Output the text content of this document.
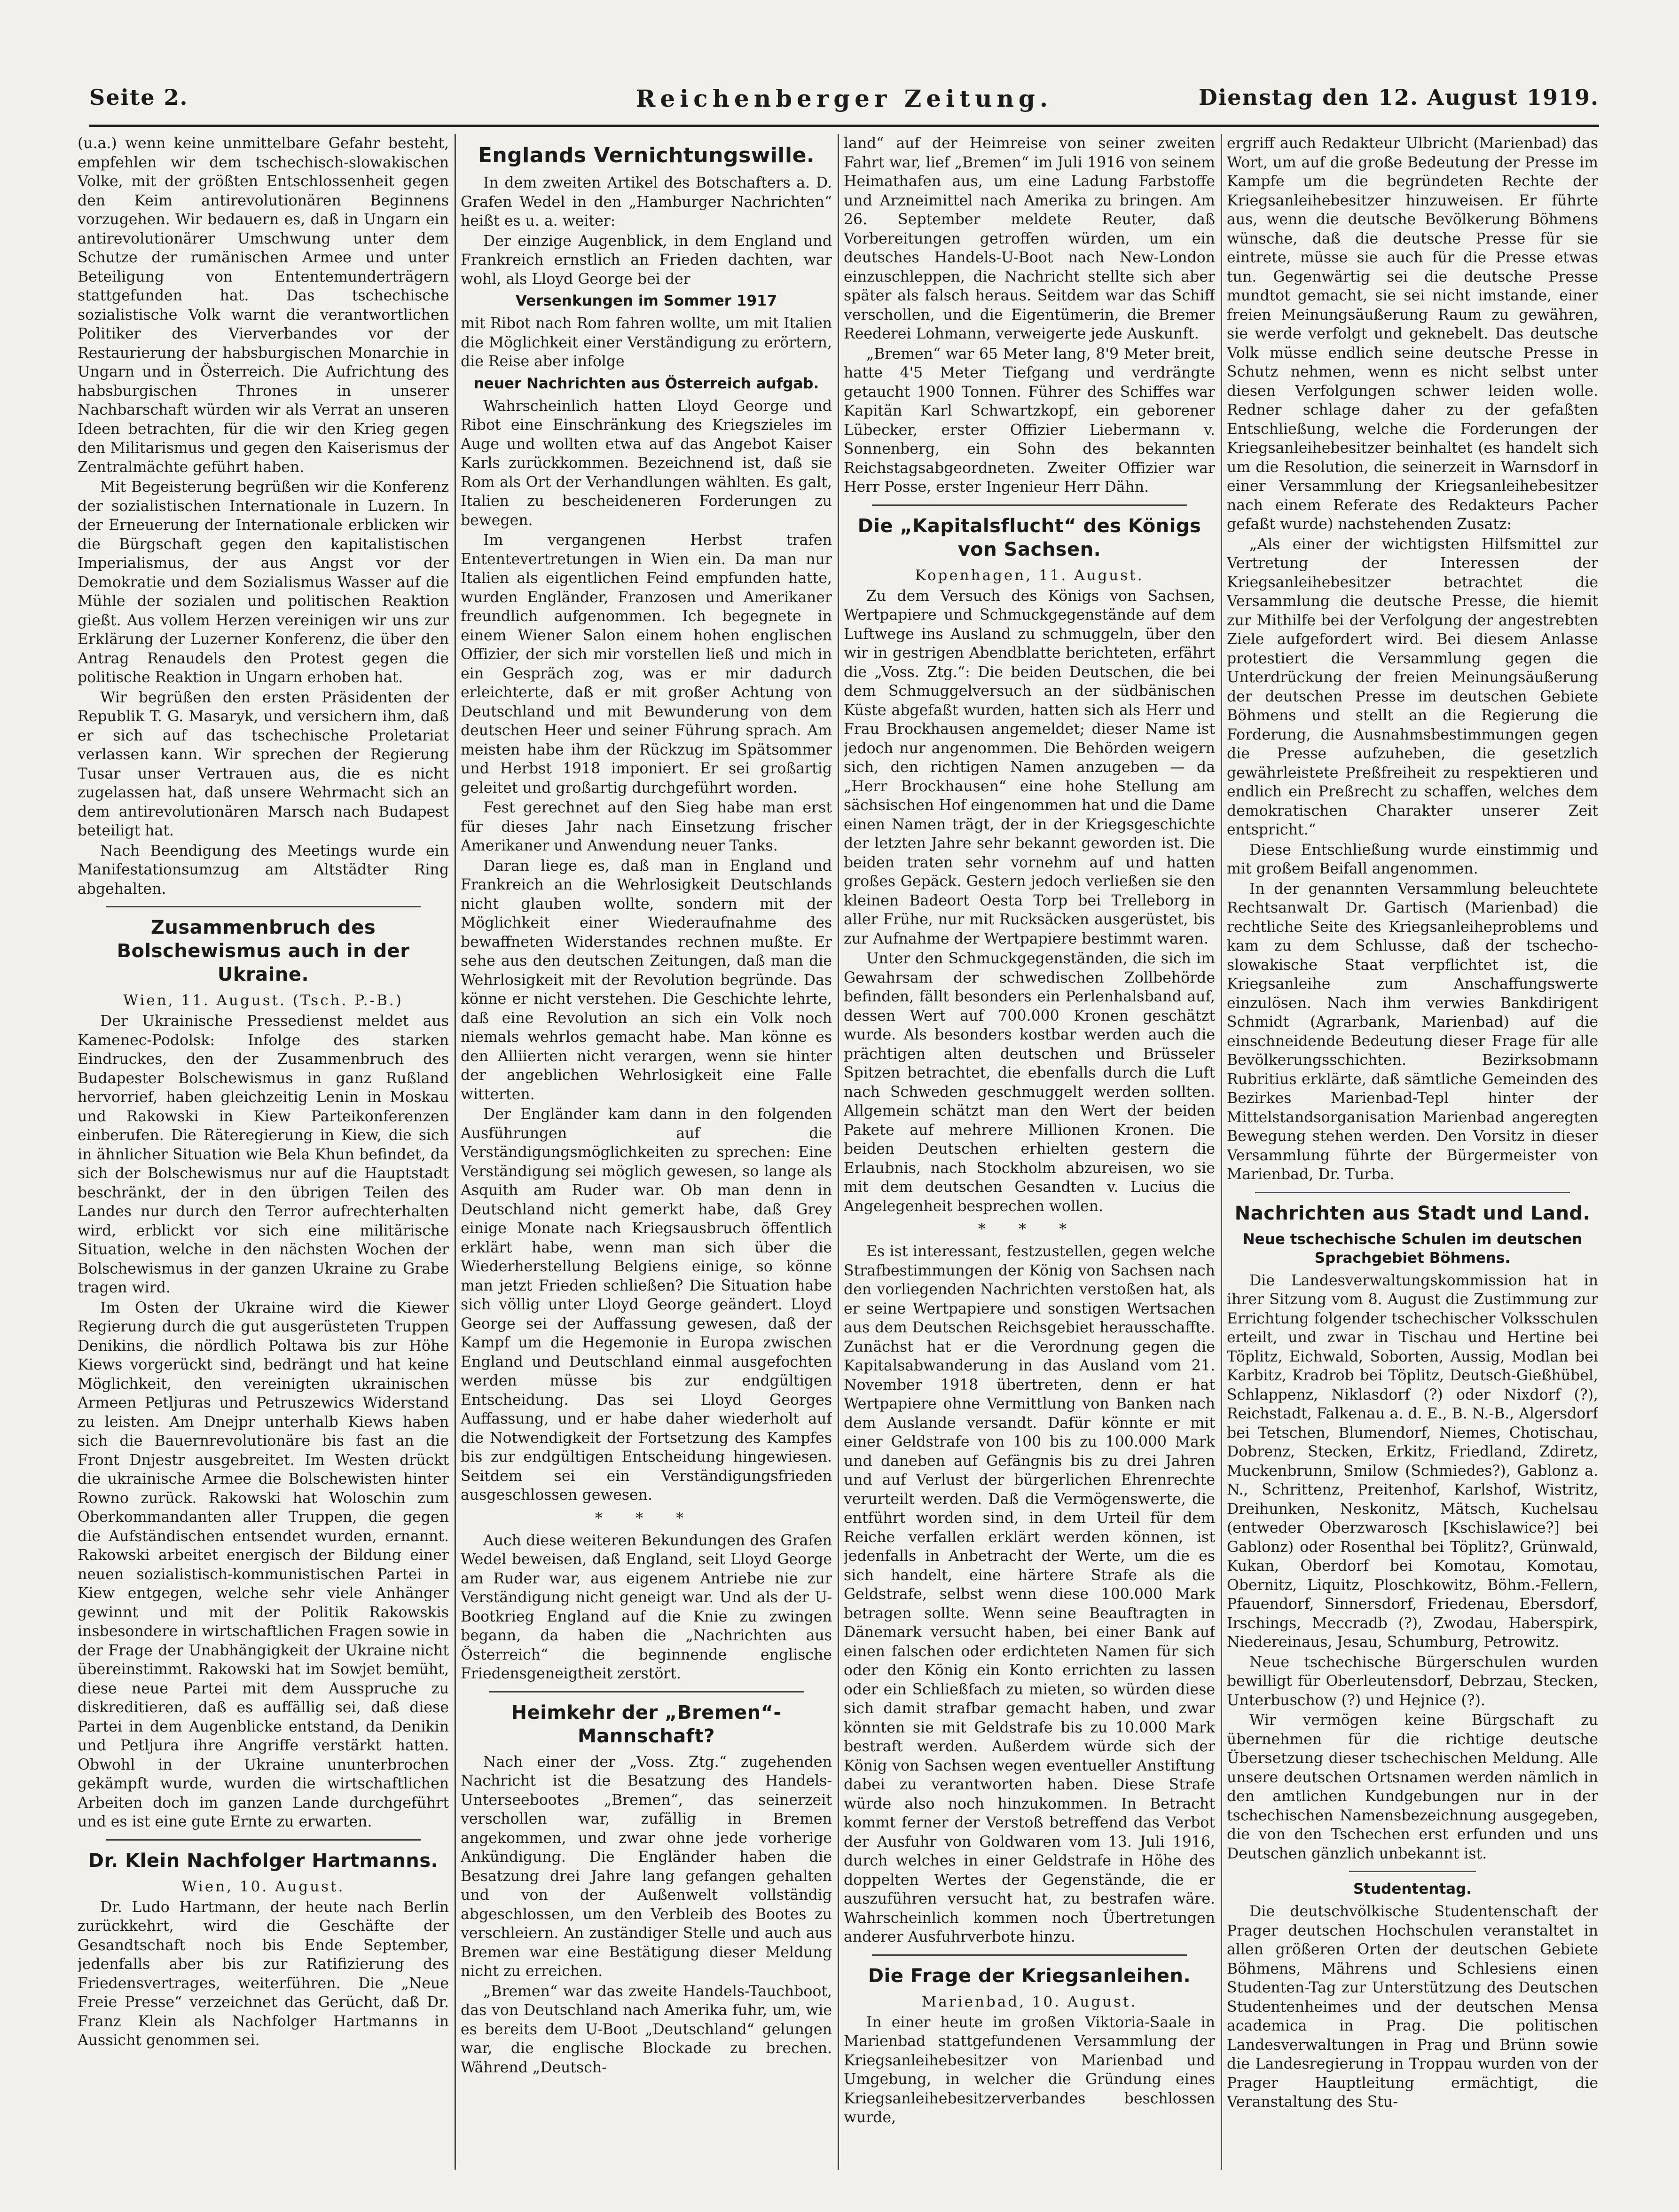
Seite 2.	Reichenberger Zeitung.	Dienstag den 12. August 1919.

(u.a.) wenn keine unmittelbare Gefahr besteht, empfehlen wir dem tschechisch-slowakischen Volke, mit der größten Entschlossenheit gegen den Keim antirevolutionären Beginnens vorzugehen. Wir bedauern es, daß in Ungarn ein antirevolutionärer Umschwung unter dem Schutze der rumänischen Armee und unter Beteiligung von Ententemunderträgern stattgefunden hat. Das tschechische sozialistische Volk warnt die verantwortlichen Politiker des Vierverbandes vor der Restaurierung der habsburgischen Monarchie in Ungarn und in Österreich. Die Aufrichtung des habsburgischen Thrones in unserer Nachbarschaft würden wir als Verrat an unseren Ideen betrachten, für die wir den Krieg gegen den Militarismus und gegen den Kaiserismus der Zentralmächte geführt haben.

Mit Begeisterung begrüßen wir die Konferenz der sozialistischen Internationale in Luzern. In der Erneuerung der Internationale erblicken wir die Bürgschaft gegen den kapitalistischen Imperialismus, der aus Angst vor der Demokratie und dem Sozialismus Wasser auf die Mühle der sozialen und politischen Reaktion gießt. Aus vollem Herzen vereinigen wir uns zur Erklärung der Luzerner Konferenz, die über den Antrag Renaudels den Protest gegen die politische Reaktion in Ungarn erhoben hat.

Wir begrüßen den ersten Präsidenten der Republik T. G. Masaryk, und versichern ihm, daß er sich auf das tschechische Proletariat verlassen kann. Wir sprechen der Regierung Tusar unser Vertrauen aus, die es nicht zugelassen hat, daß unsere Wehrmacht sich an dem antirevolutionären Marsch nach Budapest beteiligt hat.

Nach Beendigung des Meetings wurde ein Manifestationsumzug am Altstädter Ring abgehalten.

Zusammenbruch des Bolschewismus auch in der Ukraine.
Wien, 11. August. (Tsch. P.-B.)

Der Ukrainische Pressedienst meldet aus Kamenec-Podolsk: Infolge des starken Eindruckes, den der Zusammenbruch des Budapester Bolschewismus in ganz Rußland hervorrief, haben gleichzeitig Lenin in Moskau und Rakowski in Kiew Parteikonferenzen einberufen. Die Räteregierung in Kiew, die sich in ähnlicher Situation wie Bela Khun befindet, da sich der Bolschewismus nur auf die Hauptstadt beschränkt, der in den übrigen Teilen des Landes nur durch den Terror aufrechterhalten wird, erblickt vor sich eine militärische Situation, welche in den nächsten Wochen der Bolschewismus in der ganzen Ukraine zu Grabe tragen wird.

Im Osten der Ukraine wird die Kiewer Regierung durch die gut ausgerüsteten Truppen Denikins, die nördlich Poltawa bis zur Höhe Kiews vorgerückt sind, bedrängt und hat keine Möglichkeit, den vereinigten ukrainischen Armeen Petljuras und Petruszewics Widerstand zu leisten. Am Dnejpr unterhalb Kiews haben sich die Bauernrevolutionäre bis fast an die Front Dnjestr ausgebreitet. Im Westen drückt die ukrainische Armee die Bolschewisten hinter Rowno zurück. Rakowski hat Woloschin zum Oberkommandanten aller Truppen, die gegen die Aufständischen entsendet wurden, ernannt. Rakowski arbeitet energisch der Bildung einer neuen sozialistisch-kommunistischen Partei in Kiew entgegen, welche sehr viele Anhänger gewinnt und mit der Politik Rakowskis insbesondere in wirtschaftlichen Fragen sowie in der Frage der Unabhängigkeit der Ukraine nicht übereinstimmt. Rakowski hat im Sowjet bemüht, diese neue Partei mit dem Ausspruche zu diskreditieren, daß es auffällig sei, daß diese Partei in dem Augenblicke entstand, da Denikin und Petljura ihre Angriffe verstärkt hatten. Obwohl in der Ukraine ununterbrochen gekämpft wurde, wurden die wirtschaftlichen Arbeiten doch im ganzen Lande durchgeführt und es ist eine gute Ernte zu erwarten.

Dr. Klein Nachfolger Hartmanns.
Wien, 10. August.

Dr. Ludo Hartmann, der heute nach Berlin zurückkehrt, wird die Geschäfte der Gesandtschaft noch bis Ende September, jedenfalls aber bis zur Ratifizierung des Friedensvertrages, weiterführen. Die „Neue Freie Presse“ verzeichnet das Gerücht, daß Dr. Franz Klein als Nachfolger Hartmanns in Aussicht genommen sei.

Englands Vernichtungswille.

In dem zweiten Artikel des Botschafters a. D. Grafen Wedel in den „Hamburger Nachrichten“ heißt es u. a. weiter:

Der einzige Augenblick, in dem England und Frankreich ernstlich an Frieden dachten, war wohl, als Lloyd George bei der

Versenkungen im Sommer 1917

mit Ribot nach Rom fahren wollte, um mit Italien die Möglichkeit einer Verständigung zu erörtern, die Reise aber infolge

neuer Nachrichten aus Österreich aufgab.

Wahrscheinlich hatten Lloyd George und Ribot eine Einschränkung des Kriegszieles im Auge und wollten etwa auf das Angebot Kaiser Karls zurückkommen. Bezeichnend ist, daß sie Rom als Ort der Verhandlungen wählten. Es galt, Italien zu bescheideneren Forderungen zu bewegen.

Im vergangenen Herbst trafen Ententevertretungen in Wien ein. Da man nur Italien als eigentlichen Feind empfunden hatte, wurden Engländer, Franzosen und Amerikaner freundlich aufgenommen. Ich begegnete in einem Wiener Salon einem hohen englischen Offizier, der sich mir vorstellen ließ und mich in ein Gespräch zog, was er mir dadurch erleichterte, daß er mit großer Achtung von Deutschland und mit Bewunderung von dem deutschen Heer und seiner Führung sprach. Am meisten habe ihm der Rückzug im Spätsommer und Herbst 1918 imponiert. Er sei großartig geleitet und großartig durchgeführt worden.

Fest gerechnet auf den Sieg habe man erst für dieses Jahr nach Einsetzung frischer Amerikaner und Anwendung neuer Tanks.

Daran liege es, daß man in England und Frankreich an die Wehrlosigkeit Deutschlands nicht glauben wollte, sondern mit der Möglichkeit einer Wiederaufnahme des bewaffneten Widerstandes rechnen mußte. Er sehe aus den deutschen Zeitungen, daß man die Wehrlosigkeit mit der Revolution begründe. Das könne er nicht verstehen. Die Geschichte lehrte, daß eine Revolution an sich ein Volk noch niemals wehrlos gemacht habe. Man könne es den Alliierten nicht verargen, wenn sie hinter der angeblichen Wehrlosigkeit eine Falle witterten.

Der Engländer kam dann in den folgenden Ausführungen auf die Verständigungsmöglichkeiten zu sprechen: Eine Verständigung sei möglich gewesen, so lange als Asquith am Ruder war. Ob man denn in Deutschland nicht gemerkt habe, daß Grey einige Monate nach Kriegsausbruch öffentlich erklärt habe, wenn man sich über die Wiederherstellung Belgiens einige, so könne man jetzt Frieden schließen? Die Situation habe sich völlig unter Lloyd George geändert. Lloyd George sei der Auffassung gewesen, daß der Kampf um die Hegemonie in Europa zwischen England und Deutschland einmal ausgefochten werden müsse bis zur endgültigen Entscheidung. Das sei Lloyd Georges Auffassung, und er habe daher wiederholt auf die Notwendigkeit der Fortsetzung des Kampfes bis zur endgültigen Entscheidung hingewiesen. Seitdem sei ein Verständigungsfrieden ausgeschlossen gewesen.

* * *

Auch diese weiteren Bekundungen des Grafen Wedel beweisen, daß England, seit Lloyd George am Ruder war, aus eigenem Antriebe nie zur Verständigung nicht geneigt war. Und als der U-Bootkrieg England auf die Knie zu zwingen begann, da haben die „Nachrichten aus Österreich“ die beginnende englische Friedensgeneigtheit zerstört.

Heimkehr der „Bremen“-Mannschaft?

Nach einer der „Voss. Ztg.“ zugehenden Nachricht ist die Besatzung des Handels-Unterseebootes „Bremen“, das seinerzeit verschollen war, zufällig in Bremen angekommen, und zwar ohne jede vorherige Ankündigung. Die Engländer haben die Besatzung drei Jahre lang gefangen gehalten und von der Außenwelt vollständig abgeschlossen, um den Verbleib des Bootes zu verschleiern. An zuständiger Stelle und auch aus Bremen war eine Bestätigung dieser Meldung nicht zu erreichen.

„Bremen“ war das zweite Handels-Tauchboot, das von Deutschland nach Amerika fuhr, um, wie es bereits dem U-Boot „Deutschland“ gelungen war, die englische Blockade zu brechen. Während „Deutsch-

land“ auf der Heimreise von seiner zweiten Fahrt war, lief „Bremen“ im Juli 1916 von seinem Heimathafen aus, um eine Ladung Farbstoffe und Arzneimittel nach Amerika zu bringen. Am 26. September meldete Reuter, daß Vorbereitungen getroffen würden, um ein deutsches Handels-U-Boot nach New-London einzuschleppen, die Nachricht stellte sich aber später als falsch heraus. Seitdem war das Schiff verschollen, und die Eigentümerin, die Bremer Reederei Lohmann, verweigerte jede Auskunft.

„Bremen“ war 65 Meter lang, 8'9 Meter breit, hatte 4'5 Meter Tiefgang und verdrängte getaucht 1900 Tonnen. Führer des Schiffes war Kapitän Karl Schwartzkopf, ein geborener Lübecker, erster Offizier Liebermann v. Sonnenberg, ein Sohn des bekannten Reichstagsabgeordneten. Zweiter Offizier war Herr Posse, erster Ingenieur Herr Dähn.

Die „Kapitalsflucht“ des Königs von Sachsen.
Kopenhagen, 11. August.

Zu dem Versuch des Königs von Sachsen, Wertpapiere und Schmuckgegenstände auf dem Luftwege ins Ausland zu schmuggeln, über den wir in gestrigen Abendblatte berichteten, erfährt die „Voss. Ztg.“: Die beiden Deutschen, die bei dem Schmuggelversuch an der südbänischen Küste abgefaßt wurden, hatten sich als Herr und Frau Brockhausen angemeldet; dieser Name ist jedoch nur angenommen. Die Behörden weigern sich, den richtigen Namen anzugeben — da „Herr Brockhausen“ eine hohe Stellung am sächsischen Hof eingenommen hat und die Dame einen Namen trägt, der in der Kriegsgeschichte der letzten Jahre sehr bekannt geworden ist. Die beiden traten sehr vornehm auf und hatten großes Gepäck. Gestern jedoch verließen sie den kleinen Badeort Oesta Torp bei Trelleborg in aller Frühe, nur mit Rucksäcken ausgerüstet, bis zur Aufnahme der Wertpapiere bestimmt waren.

Unter den Schmuckgegenständen, die sich im Gewahrsam der schwedischen Zollbehörde befinden, fällt besonders ein Perlenhalsband auf, dessen Wert auf 700.000 Kronen geschätzt wurde. Als besonders kostbar werden auch die prächtigen alten deutschen und Brüsseler Spitzen betrachtet, die ebenfalls durch die Luft nach Schweden geschmuggelt werden sollten. Allgemein schätzt man den Wert der beiden Pakete auf mehrere Millionen Kronen. Die beiden Deutschen erhielten gestern die Erlaubnis, nach Stockholm abzureisen, wo sie mit dem deutschen Gesandten v. Lucius die Angelegenheit besprechen wollen.

* * *

Es ist interessant, festzustellen, gegen welche Strafbestimmungen der König von Sachsen nach den vorliegenden Nachrichten verstoßen hat, als er seine Wertpapiere und sonstigen Wertsachen aus dem Deutschen Reichsgebiet herausschaffte. Zunächst hat er die Verordnung gegen die Kapitalsabwanderung in das Ausland vom 21. November 1918 übertreten, denn er hat Wertpapiere ohne Vermittlung von Banken nach dem Auslande versandt. Dafür könnte er mit einer Geldstrafe von 100 bis zu 100.000 Mark und daneben auf Gefängnis bis zu drei Jahren und auf Verlust der bürgerlichen Ehrenrechte verurteilt werden. Daß die Vermögenswerte, die entführt worden sind, in dem Urteil für dem Reiche verfallen erklärt werden können, ist jedenfalls in Anbetracht der Werte, um die es sich handelt, eine härtere Strafe als die Geldstrafe, selbst wenn diese 100.000 Mark betragen sollte. Wenn seine Beauftragten in Dänemark versucht haben, bei einer Bank auf einen falschen oder erdichteten Namen für sich oder den König ein Konto errichten zu lassen oder ein Schließfach zu mieten, so würden diese sich damit strafbar gemacht haben, und zwar könnten sie mit Geldstrafe bis zu 10.000 Mark bestraft werden. Außerdem würde sich der König von Sachsen wegen eventueller Anstiftung dabei zu verantworten haben. Diese Strafe würde also noch hinzukommen. In Betracht kommt ferner der Verstoß betreffend das Verbot der Ausfuhr von Goldwaren vom 13. Juli 1916, durch welches in einer Geldstrafe in Höhe des doppelten Wertes der Gegenstände, die er auszuführen versucht hat, zu bestrafen wäre. Wahrscheinlich kommen noch Übertretungen anderer Ausfuhrverbote hinzu.

Die Frage der Kriegsanleihen.
Marienbad, 10. August.

In einer heute im großen Viktoria-Saale in Marienbad stattgefundenen Versammlung der Kriegsanleihebesitzer von Marienbad und Umgebung, in welcher die Gründung eines Kriegsanleihebesitzerverbandes beschlossen wurde,

ergriff auch Redakteur Ulbricht (Marienbad) das Wort, um auf die große Bedeutung der Presse im Kampfe um die begründeten Rechte der Kriegsanleihebesitzer hinzuweisen. Er führte aus, wenn die deutsche Bevölkerung Böhmens wünsche, daß die deutsche Presse für sie eintrete, müsse sie auch für die Presse etwas tun. Gegenwärtig sei die deutsche Presse mundtot gemacht, sie sei nicht imstande, einer freien Meinungsäußerung Raum zu gewähren, sie werde verfolgt und geknebelt. Das deutsche Volk müsse endlich seine deutsche Presse in Schutz nehmen, wenn es nicht selbst unter diesen Verfolgungen schwer leiden wolle. Redner schlage daher zu der gefaßten Entschließung, welche die Forderungen der Kriegsanleihebesitzer beinhaltet (es handelt sich um die Resolution, die seinerzeit in Warnsdorf in einer Versammlung der Kriegsanleihebesitzer nach einem Referate des Redakteurs Pacher gefaßt wurde) nachstehenden Zusatz:

„Als einer der wichtigsten Hilfsmittel zur Vertretung der Interessen der Kriegsanleihebesitzer betrachtet die Versammlung die deutsche Presse, die hiemit zur Mithilfe bei der Verfolgung der angestrebten Ziele aufgefordert wird. Bei diesem Anlasse protestiert die Versammlung gegen die Unterdrückung der freien Meinungsäußerung der deutschen Presse im deutschen Gebiete Böhmens und stellt an die Regierung die Forderung, die Ausnahmsbestimmungen gegen die Presse aufzuheben, die gesetzlich gewährleistete Preßfreiheit zu respektieren und endlich ein Preßrecht zu schaffen, welches dem demokratischen Charakter unserer Zeit entspricht.“

Diese Entschließung wurde einstimmig und mit großem Beifall angenommen.

In der genannten Versammlung beleuchtete Rechtsanwalt Dr. Gartisch (Marienbad) die rechtliche Seite des Kriegsanleiheproblems und kam zu dem Schlusse, daß der tschecho-slowakische Staat verpflichtet ist, die Kriegsanleihe zum Anschaffungswerte einzulösen. Nach ihm verwies Bankdirigent Schmidt (Agrarbank, Marienbad) auf die einschneidende Bedeutung dieser Frage für alle Bevölkerungsschichten. Bezirksobmann Rubritius erklärte, daß sämtliche Gemeinden des Bezirkes Marienbad-Tepl hinter der Mittelstandsorganisation Marienbad angeregten Bewegung stehen werden. Den Vorsitz in dieser Versammlung führte der Bürgermeister von Marienbad, Dr. Turba.

Nachrichten aus Stadt und Land.
Neue tschechische Schulen im deutschen Sprachgebiet Böhmens.

Die Landesverwaltungskommission hat in ihrer Sitzung vom 8. August die Zustimmung zur Errichtung folgender tschechischer Volksschulen erteilt, und zwar in Tischau und Hertine bei Töplitz, Eichwald, Soborten, Aussig, Modlan bei Karbitz, Kradrob bei Töplitz, Deutsch-Gießhübel, Schlappenz, Niklasdorf (?) oder Nixdorf (?), Reichstadt, Falkenau a. d. E., B. N.-B., Algersdorf bei Tetschen, Blumendorf, Niemes, Chotischau, Dobrenz, Stecken, Erkitz, Friedland, Zdiretz, Muckenbrunn, Smilow (Schmiedes?), Gablonz a. N., Schrittenz, Preitenhof, Karlshof, Wistritz, Dreihunken, Neskonitz, Mätsch, Kuchelsau (entweder Oberzwarosch [Kschislawice?] bei Gablonz) oder Rosenthal bei Töplitz?, Grünwald, Kukan, Oberdorf bei Komotau, Komotau, Obernitz, Liquitz, Ploschkowitz, Böhm.-Fellern, Pfauendorf, Sinnersdorf, Friedenau, Ebersdorf, Irschings, Meccradb (?), Zwodau, Haberspirk, Niedereinaus, Jesau, Schumburg, Petrowitz.

Neue tschechische Bürgerschulen wurden bewilligt für Oberleutensdorf, Debrzau, Stecken, Unterbuschow (?) und Hejnice (?).

Wir vermögen keine Bürgschaft zu übernehmen für die richtige deutsche Übersetzung dieser tschechischen Meldung. Alle unsere deutschen Ortsnamen werden nämlich in den amtlichen Kundgebungen nur in der tschechischen Namensbezeichnung ausgegeben, die von den Tschechen erst erfunden und uns Deutschen gänzlich unbekannt ist.

Studententag.

Die deutschvölkische Studentenschaft der Prager deutschen Hochschulen veranstaltet in allen größeren Orten der deutschen Gebiete Böhmens, Mährens und Schlesiens einen Studenten-Tag zur Unterstützung des Deutschen Studentenheimes und der deutschen Mensa academica in Prag. Die politischen Landesverwaltungen in Prag und Brünn sowie die Landesregierung in Troppau wurden von der Prager Hauptleitung ermächtigt, die Veranstaltung des Stu-
